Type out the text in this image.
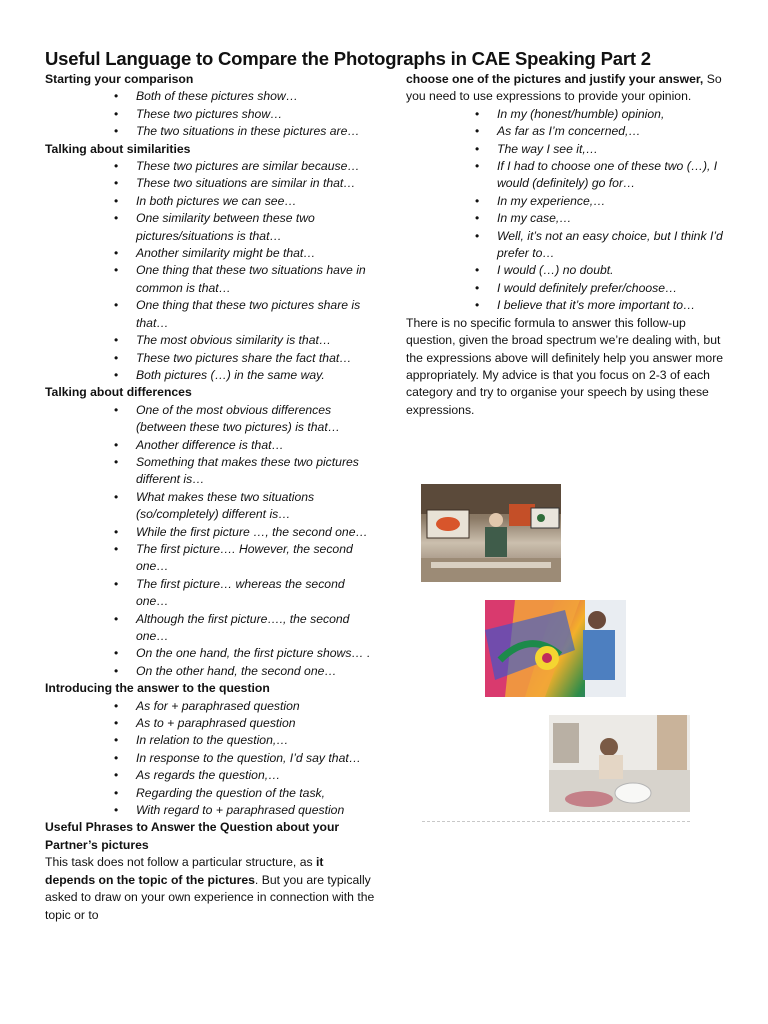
Useful Language to Compare the Photographs in CAE Speaking Part 2
Starting your comparison
• Both of these pictures show…
• These two pictures show…
• The two situations in these pictures are…
Talking about similarities
• These two pictures are similar because…
• These two situations are similar in that…
• In both pictures we can see…
• One similarity between these two pictures/situations is that…
• Another similarity might be that…
• One thing that these two situations have in common is that…
• One thing that these two pictures share is that…
• The most obvious similarity is that…
• These two pictures share the fact that…
• Both pictures (…) in the same way.
Talking about differences
• One of the most obvious differences (between these two pictures) is that…
• Another difference is that…
• Something that makes these two pictures different is…
• What makes these two situations (so/completely) different is…
• While the first picture …, the second one…
• The first picture…. However, the second one…
• The first picture… whereas the second one…
• Although the first picture…., the second one…
• On the one hand, the first picture shows… .
• On the other hand, the second one…
Introducing the answer to the question
• As for + paraphrased question
• As to + paraphrased question
• In relation to the question,…
• In response to the question, I’d say that…
• As regards the question,…
• Regarding the question of the task,
• With regard to + paraphrased question
Useful Phrases to Answer the Question about your Partner’s pictures

This task does not follow a particular structure, as it depends on the topic of the pictures. But you are typically asked to draw on your own experience in connection with the topic or to

choose one of the pictures and justify your answer, So you need to use expressions to provide your opinion.

• In my (honest/humble) opinion,
• As far as I’m concerned,…
• The way I see it,…
• If I had to choose one of these two (…), I would (definitely) go for…
• In my experience,…
• In my case,…
• Well, it’s not an easy choice, but I think I’d prefer to…
• I would (…) no doubt.
• I would definitely prefer/choose…
• I believe that it’s more important to…

There is no specific formula to answer this follow-up question, given the broad spectrum we’re dealing with, but the expressions above will definitely help you answer more appropriately. My advice is that you focus on 2-3 of each category and try to organise your speech by using these expressions.
